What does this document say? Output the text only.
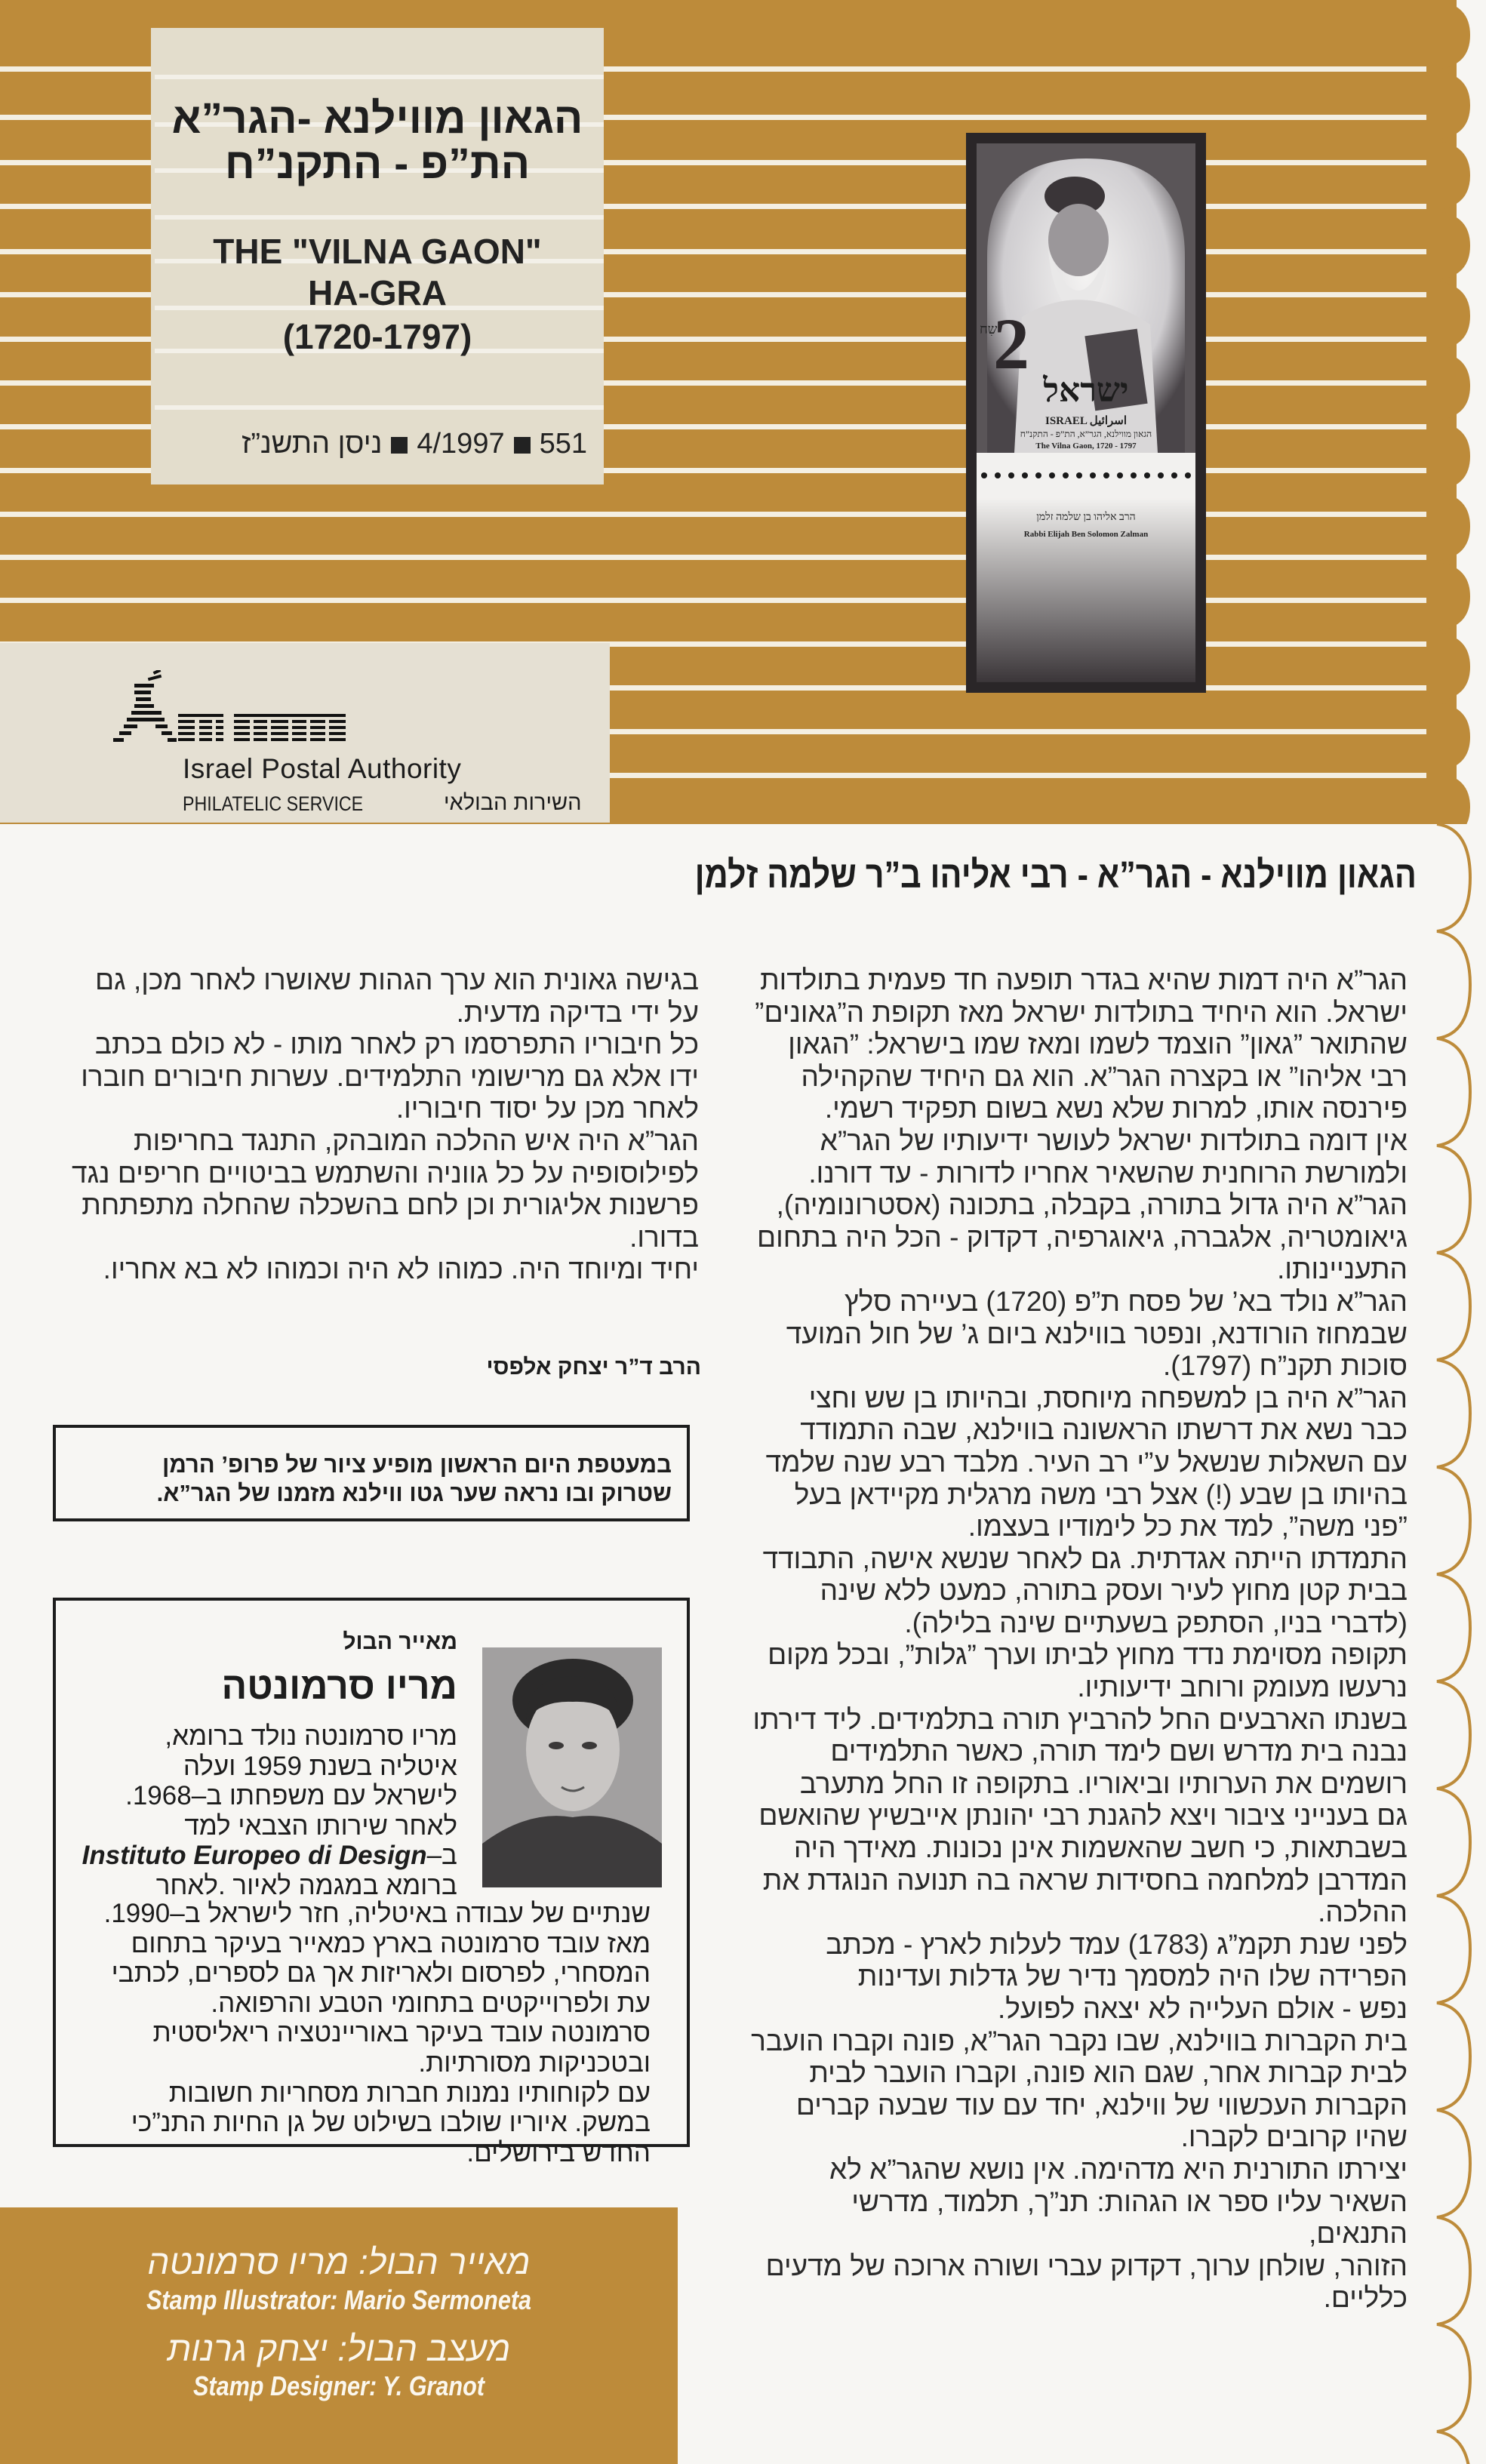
הגאון מווילנא -הגר”א
הת”פ - התקנ”ח
THE "VILNA GAON"
HA-GRA
(1720-1797)
5514/1997ניסן התשנ”ז
Israel Postal Authority
PHILATELIC SERVICE	השירות הבולאי
2
שִח
ישראל
ISRAEL اسرائيل
הגאון מווילנא, הגר”א, הת”פ - התקנ”ח
The Vilna Gaon, 1720 - 1797
הרב אליהו בן שלמה זלמן
Rabbi Elijah Ben Solomon Zalman
הגאון מווילנא - הגר”א - רבי אליהו ב”ר שלמה זלמן

הגר”א היה דמות שהיא בגדר תופעה חד פעמית בתולדות

ישראל. הוא היחיד בתולדות ישראל מאז תקופת ה”גאונים”

שהתואר ”גאון” הוצמד לשמו ומאז שמו בישראל: ”הגאון

רבי אליהו” או בקצרה הגר”א. הוא גם היחיד שהקהילה

פירנסה אותו, למרות שלא נשא בשום תפקיד רשמי.

אין דומה בתולדות ישראל לעושר ידיעותיו של הגר”א

ולמורשת הרוחנית שהשאיר אחריו לדורות - עד דורנו.

הגר”א היה גדול בתורה, בקבלה, בתכונה (אסטרונומיה),

גיאומטריה, אלגברה, גיאוגרפיה, דקדוק - הכל היה בתחום

התעניינותו.

הגר”א נולד בא’ של פסח ת”פ (1720) בעיירה סלץ

שבמחוז הורודנא, ונפטר בווילנא ביום ג’ של חול המועד

סוכות תקנ”ח (1797).

הגר”א היה בן למשפחה מיוחסת, ובהיותו בן שש וחצי

כבר נשא את דרשתו הראשונה בווילנא, שבה התמודד

עם השאלות שנשאל ע”י רב העיר. מלבד רבע שנה שלמד

בהיותו בן שבע (!) אצל רבי משה מרגלית מקיידאן בעל

”פני משה”, למד את כל לימודיו בעצמו.

התמדתו הייתה אגדתית. גם לאחר שנשא אישה, התבודד

בבית קטן מחוץ לעיר ועסק בתורה, כמעט ללא שינה

(לדברי בניו, הסתפק בשעתיים שינה בלילה).

תקופה מסוימת נדד מחוץ לביתו וערך ”גלות”, ובכל מקום

נרעשו מעומק ורוחב ידיעותיו.

בשנתו הארבעים החל להרביץ תורה בתלמידים. ליד דירתו

נבנה בית מדרש ושם לימד תורה, כאשר התלמידים

רושמים את הערותיו וביאוריו. בתקופה זו החל מתערב

גם בענייני ציבור ויצא להגנת רבי יהונתן אייבשיץ שהואשם

בשבתאות, כי חשב שהאשמות אינן נכונות. מאידך היה

המדרבן למלחמה בחסידות שראה בה תנועה הנוגדת את

ההלכה.

לפני שנת תקמ”ג (1783) עמד לעלות לארץ - מכתב

הפרידה שלו היה למסמך נדיר של גדלות ועדינות

נפש - אולם העלייה לא יצאה לפועל.

בית הקברות בווילנא, שבו נקבר הגר”א, פונה וקברו הועבר

לבית קברות אחר, שגם הוא פונה, וקברו הועבר לבית

הקברות העכשווי של ווילנא, יחד עם עוד שבעה קברים

שהיו קרובים לקברו.

יצירתו התורנית היא מדהימה. אין נושא שהגר”א לא

השאיר עליו ספר או הגהות: תנ”ך, תלמוד, מדרשי התנאים,

הזוהר, שולחן ערוך, דקדוק עברי ושורה ארוכה של מדעים

כלליים.

בגישה גאונית הוא ערך הגהות שאושרו לאחר מכן, גם

על ידי בדיקה מדעית.

כל חיבוריו התפרסמו רק לאחר מותו - לא כולם בכתב

ידו אלא גם מרישומי התלמידים. עשרות חיבורים חוברו

לאחר מכן על יסוד חיבוריו.

הגר”א היה איש ההלכה המובהק, התנגד בחריפות

לפילוסופיה על כל גווניה והשתמש בביטויים חריפים נגד

פרשנות אליגורית וכן לחם בהשכלה שהחלה מתפתחת

בדורו.

יחיד ומיוחד היה. כמוהו לא היה וכמוהו לא בא אחריו.

הרב ד”ר יצחק אלפסי
במעטפת היום הראשון מופיע ציור של פרופ’ הרמן
שטרוק ובו נראה שער גטו ווילנא מזמנו של הגר”א.
מאייר הבול
מריו סרמונטה

מריו סרמונטה נולד ברומא,

איטליה בשנת 1959 ועלה

לישראל עם משפחתו ב–1968.

לאחר שירותו הצבאי למד

ב–Instituto Europeo di Design

ברומא במגמה לאיור .לאחר

שנתיים של עבודה באיטליה, חזר לישראל ב–1990.

מאז עובד סרמונטה בארץ כמאייר בעיקר בתחום

המסחרי, לפרסום ולאריזות אך גם לספרים, לכתבי

עת ולפרוייקטים בתחומי הטבע והרפואה.

סרמונטה עובד בעיקר באוריינטציה ריאליסטית

ובטכניקות מסורתיות.

עם לקוחותיו נמנות חברות מסחריות חשובות

במשק. איוריו שולבו בשילוט של גן החיות התנ”כי

החדש בירושלים.

מאייר הבול: מריו סרמונטה
Stamp Illustrator: Mario Sermoneta
מעצב הבול: יצחק גרנות
Stamp Designer: Y. Granot
